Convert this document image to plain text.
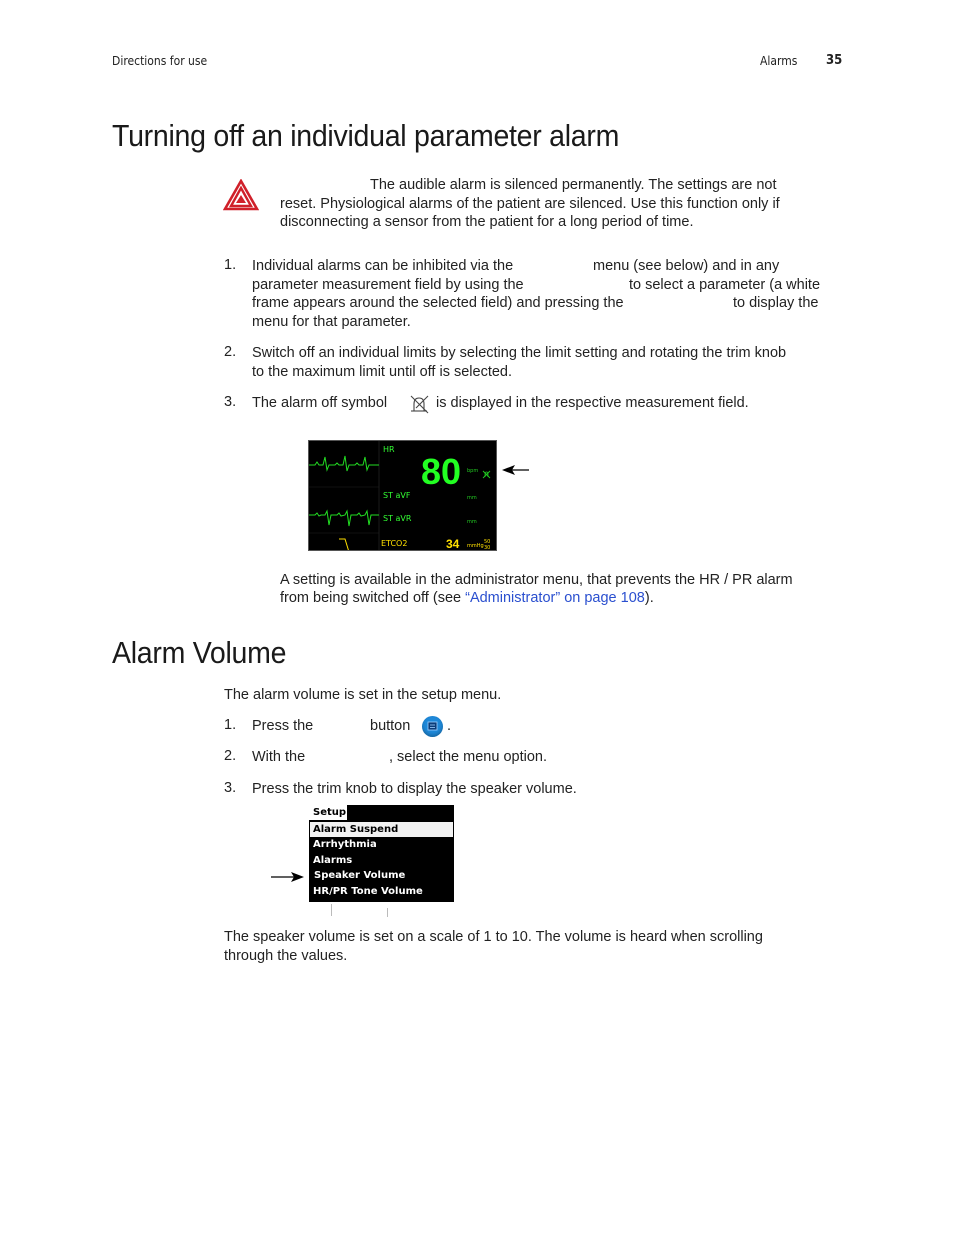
Directions for use	Alarms 35
Turning off an individual parameter alarm
The audible alarm is silenced permanently. The settings are not
reset. Physiological alarms of the patient are silenced. Use this function only if
disconnecting a sensor from the patient for a long period of time.
1. Individual alarms can be inhibited via the	menu (see below) and in any
parameter measurement field by using the	to select a parameter (a white
frame appears around the selected field) and pressing the	to display the
menu for that parameter.
2. Switch off an individual limits by selecting the limit setting and rotating the trim knob
to the maximum limit until off is selected.
3. The alarm off symbol	is displayed in the respective measurement field.
HR
80 bpm
ST aVF	mm
ST aVR	mm
ETCO2	34 mmHg
50
30
A setting is available in the administrator menu, that prevents the HR / PR alarm
from being switched off (see “Administrator” on page 108).
Alarm Volume
The alarm volume is set in the setup menu.
1. Press the	button	.
2. With the	, select the menu option.
3. Press the trim knob to display the speaker volume.
Setup
Alarm Suspend
Arrhythmia
Alarms
Speaker Volume
HR/PR Tone Volume
The speaker volume is set on a scale of 1 to 10. The volume is heard when scrolling
through the values.
